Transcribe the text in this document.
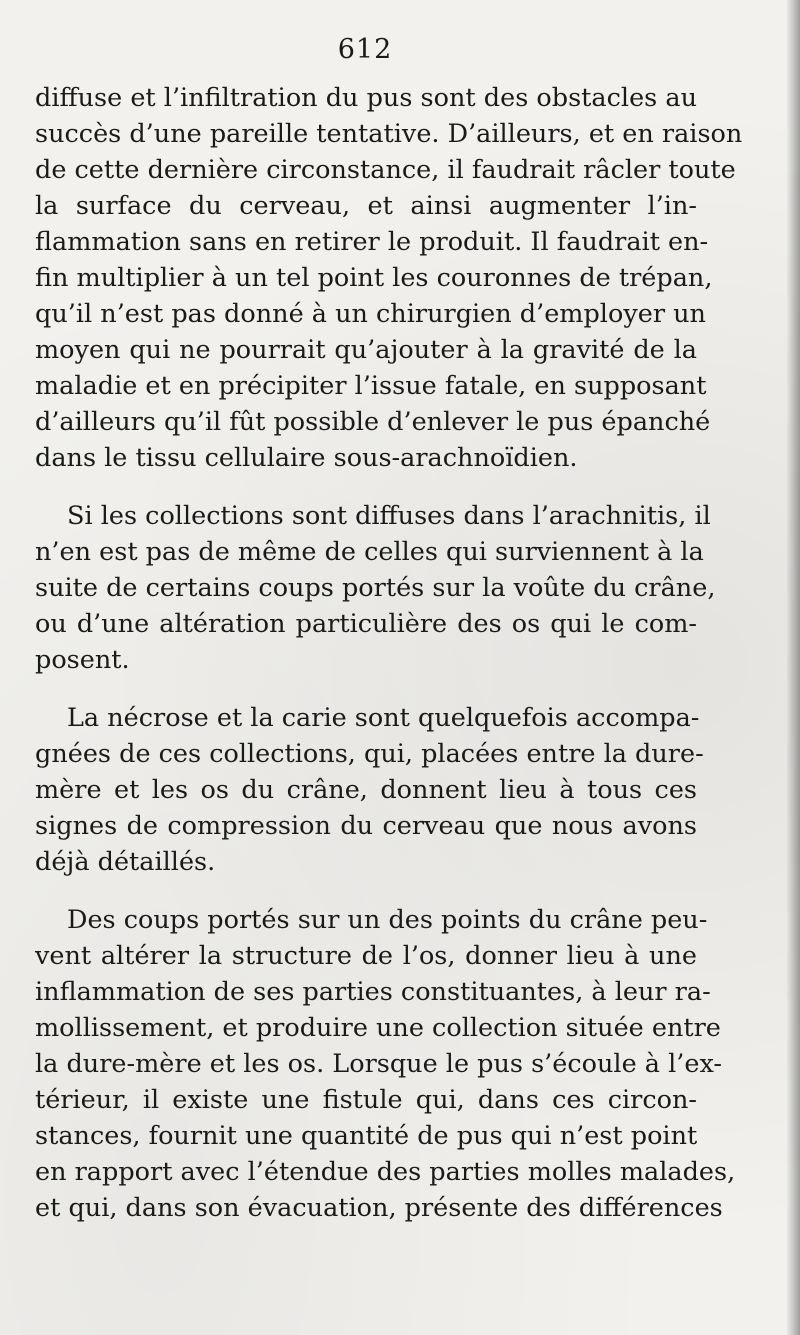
612

diffuse et l’infiltration du pus sont des obstacles au
succès d’une pareille tentative. D’ailleurs, et en raison
de cette dernière circonstance, il faudrait râcler toute
la surface du cerveau, et ainsi augmenter l’in-
flammation sans en retirer le produit. Il faudrait en-
fin multiplier à un tel point les couronnes de trépan,
qu’il n’est pas donné à un chirurgien d’employer un
moyen qui ne pourrait qu’ajouter à la gravité de la
maladie et en précipiter l’issue fatale, en supposant
d’ailleurs qu’il fût possible d’enlever le pus épanché
dans le tissu cellulaire sous-arachnoïdien.

Si les collections sont diffuses dans l’arachnitis, il
n’en est pas de même de celles qui surviennent à la
suite de certains coups portés sur la voûte du crâne,
ou d’une altération particulière des os qui le com-
posent.

La nécrose et la carie sont quelquefois accompa-
gnées de ces collections, qui, placées entre la dure-
mère et les os du crâne, donnent lieu à tous ces
signes de compression du cerveau que nous avons
déjà détaillés.

Des coups portés sur un des points du crâne peu-
vent altérer la structure de l’os, donner lieu à une
inflammation de ses parties constituantes, à leur ra-
mollissement, et produire une collection située entre
la dure-mère et les os. Lorsque le pus s’écoule à l’ex-
térieur, il existe une fistule qui, dans ces circon-
stances, fournit une quantité de pus qui n’est point
en rapport avec l’étendue des parties molles malades,
et qui, dans son évacuation, présente des différences
